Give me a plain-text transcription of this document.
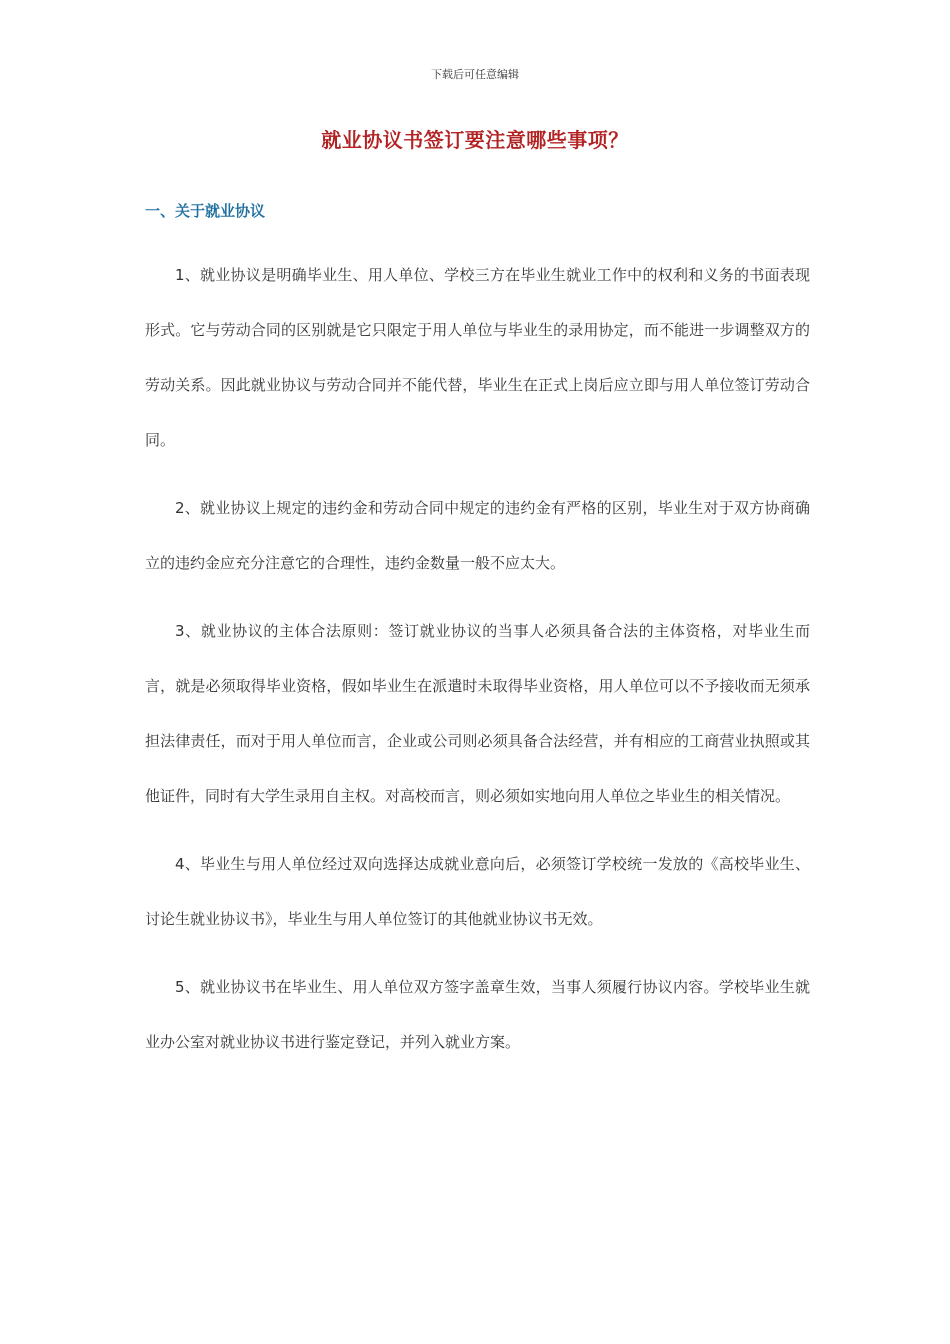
下载后可任意编辑
就业协议书签订要注意哪些事项？
一、关于就业协议

1、就业协议是明确毕业生、用人单位、学校三方在毕业生就业工作中的权利和义务的书面表现形式。它与劳动合同的区别就是它只限定于用人单位与毕业生的录用协定，而不能进一步调整双方的劳动关系。因此就业协议与劳动合同并不能代替，毕业生在正式上岗后应立即与用人单位签订劳动合同。

2、就业协议上规定的违约金和劳动合同中规定的违约金有严格的区别，毕业生对于双方协商确立的违约金应充分注意它的合理性，违约金数量一般不应太大。

3、就业协议的主体合法原则：签订就业协议的当事人必须具备合法的主体资格，对毕业生而言，就是必须取得毕业资格，假如毕业生在派遣时未取得毕业资格，用人单位可以不予接收而无须承担法律责任，而对于用人单位而言，企业或公司则必须具备合法经营，并有相应的工商营业执照或其他证件，同时有大学生录用自主权。对高校而言，则必须如实地向用人单位之毕业生的相关情况。

4、毕业生与用人单位经过双向选择达成就业意向后，必须签订学校统一发放的《高校毕业生、讨论生就业协议书》，毕业生与用人单位签订的其他就业协议书无效。

5、就业协议书在毕业生、用人单位双方签字盖章生效，当事人须履行协议内容。学校毕业生就业办公室对就业协议书进行鉴定登记，并列入就业方案。
